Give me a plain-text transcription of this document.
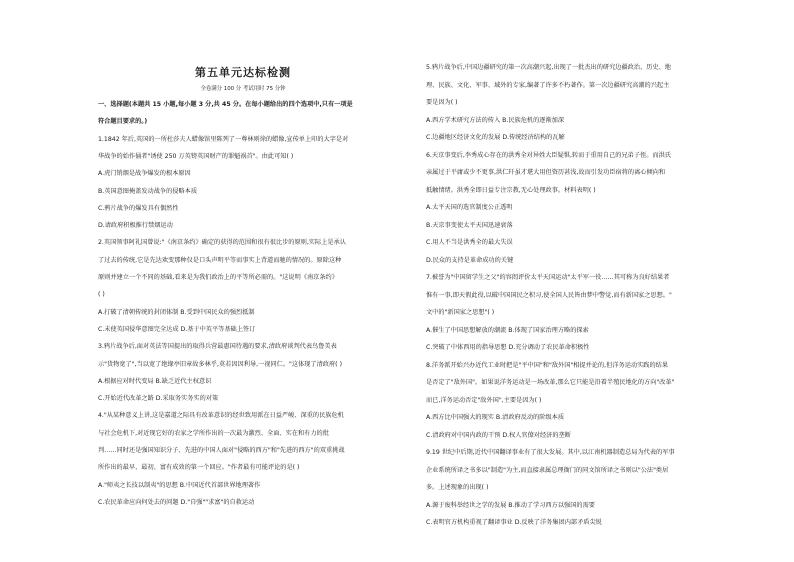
第五单元达标检测

全卷满分 100 分 考试用时 75 分钟

一、选择题(本题共 15 小题,每小题 3 分,共 45 分。在每小题给出的四个选项中,只有一项是

符合题目要求的。)

1.1842 年后,英国的一所杜莎夫人蜡像馆里陈列了一尊林则徐的蜡像,宣传单上印的大字是对

华战争的始作俑者"诱使 250 万英镑英国财产的罪魁祸首"。由此可知( )

A.虎门销烟是战争爆发的根本原因

B.英国意图掩盖发动战争的侵略本质

C.鸦片战争的爆发具有偶然性

D.请政府积极推行禁烟运动

2.英国领事阿礼国曾说:"《南京条约》确定的获得的范围和很有很比步的原则,实际上是承认

了过去的传统,它是先达欢变那种仅是口头声明平等而事实上背道而驰的情况的。原除这种

原则并建立一个不同的基础,看来是为我们政治上的平等所必需的。"这说明《南京条约》

( )

A.打破了清朝传统的封闭体制 B.受到中国民众的强烈抵制

C.未使英国侵华意图完全达成 D.基于中英平等基础上签订

3.鸦片战争后,面对英法等国提出的取得兵营最惠国待遇的要求,清政府谈判代表鸟鲁美表

示"货物宽了",当以宽了绝缘亭旧章故多林乎,莫若因因利导,一视同仁。"这体现了清政府( )

A.根据应对时代变局 B.缺乏近代主权意识

C.开始近代改革之路 D.采取务实务实的对策

4."从某种意义上讲,这是嘉道之际具有改革意识的经世致用派在日益严峻、深重的民族危机

与社会危机下,对近现它好的农家之学所作出的一次最为激烈、全面、实在和有力的批

判……同时还是强国知识分子、先进的中国人面对"侵略的西方"和"先进的西方"的双重挑战

所作出的最早、最初、富有成效的第一个回应。"作者最有可能评论的是( )

A."师夷之长技以制夷"的思想 B.中国近代首部世界地理著作

C.农民革命应向何处去的问题 D."自强""求富"的自救运动

5.鸦片战争后,中国边疆研究的第一次高潮兴起,出现了一批杰出的研究边疆政治、历史、地

理、民族、文化、军事、域外的专家,编著了许多不朽著作。第一次边疆研究高潮的兴起主

要是因为( )

A.西方学术研究方法的传入 B.民族危机的逐渐加深

C.边疆地区经济文化的发展 D.传统经济结构的瓦解

6.天京事变后,李秀成心存在的洪秀全对异姓大臣疑惧,转而于重用自己的兄弟子侄。而洪氏

亲属过于平庸或少不更事,洪仁玕虽才堪大用但资历甚浅,故而引发功臣宿将的离心倾向和

抵触情绪。洪秀全即日益专注宗教,无心处理政事。材料表明( )

A.太平天国的选官制度公正透明

B.天京事变使太平天国迅速衰落

C.用人不当是洪秀全的最大失误

D.民众的支持是革命成功的关键

7.被誉为"中国留学生之父"的容闳评价太平天国运动"太平军一役……其可称为良好结果者

惟有一事,即天假此役,以破中国国民之积习,使全国人民皆由梦中警觉,而有新国家之思想。"

文中的"新国家之思想"( )

A.催生了中国思想解放的潮流 B.体现了国家治理方略的探索

C.突破了中体西用的指导思想 D.充分调动了农民革命积极性

8.洋务派开始兴办近代工业时把是"平中国"和"敌外国"相提并论的,但洋务运动实践的结果

是否定了"敌外国"。如果说洋务运动是一场改革,那么它只能是沿着半殖民地化的方向"改革"

而已,洋务运动否定"敌外国",主要是因为( )

A.西方比中国强大的现实 B.清政府反动的阶级本质

C.清政府对中国内政的干预 D.权人官僚对经济的垄断

9.19 世纪中后期,近代中国翻译事业有了很大发展。其中,以江南机器制造总局为代表的军事

企业系统所译之书多以"制造"为主,而直接隶属总理衙门的同文馆所译之书则以"公法"类居

多。上述现象的出现( )

A.源于废科举经世之学的发展 B.推动了学习西方以强国的需要

C.表明官方机构重视了翻译事业 D.反映了洋务集团内部矛盾尖锐
